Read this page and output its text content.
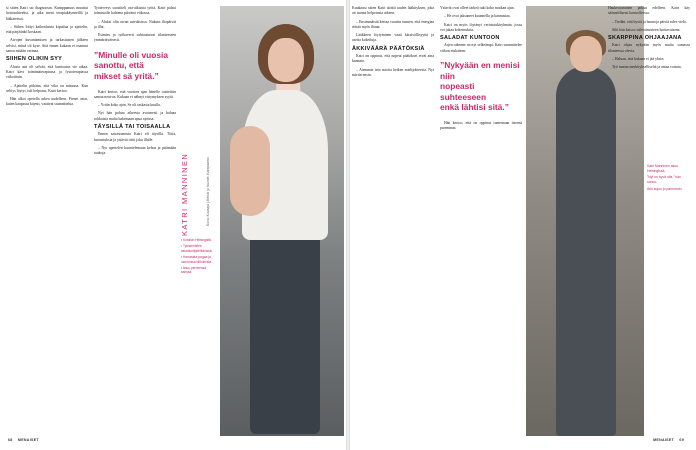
si sitten Katri sai diagnoosin. Kumppanuus muuttui hoitosuhteeksi, ja aika meni terapiakäynneillä ja lääkäreissä.

– Siihen liittyi kaikenlaista kipuilua ja ajattelin, että pärjäänkö koskaan.

Aivojen kuvantamisen ja tarkastusten jälkeen selvisi, mistä oli kyse. Sitä ennen kukaan ei osannut sanoa mitään varmaa.

SIIHEN OLIKIN SYY

Alusta asti oli selvää, että kuntoutus vie aikaa. Katri kävi toimintaterapiassa ja fysioterapiassa viikoittain.

– Ajattelin pitkään, että vika on minussa. Kun selitys löytyi, tuli helpotus, Katri kertoo.

Hän alkoi opetella arkea uudelleen. Pienet asiat, kuten kaupassa käynti, vaativat suunnittelua.

Työterveys suositteli osa-aikaista työtä. Katri palasi toimistolle kahtena päivänä viikossa.

– Aluksi olin aivan uuvuksissa. Nukuin iltapäivät ja illat.

Esimies ja työkaverit suhtautuivat tilanteeseen ymmärtäväisesti.

”Minulle oli vuosia
sanottu, että
mikset sä yritä.”

Katri kertoo, että vuosien ajan hänelle toistettiin samaa neuvoa. Kukaan ei nähnyt väsymyksen syytä.

– Yritin koko ajan. Se oli raskasta kuulla.

Nyt hän puhuu aiheesta avoimesti ja haluaa rohkaista muita hakemaan apua ajoissa.

TÄYSILLÄ TAI TOISAALLA

Ennen sairastumista Katri eli täysillä. Töitä, harrastuksia ja ystäviä riitti joka illalle.

– Nyt opettelen kuuntelemaan kehoa ja pitämään taukoja.

KATRI MANNINEN
• Kotoisin Helsingistä.
• Työskentelee asiantuntijatehtävissä.
• Harrastaa joogaa ja luonnossa liikkumista.
• Asuu perheensä kanssa.
Kuva: Kuvaaja | Meikki ja hiukset: Kampaamo

Kuukausi sitten Katri aloitti uuden lääkityksen, joka on tuonut helpotusta arkeen.

– Ensimmäistä kertaa vuosiin tunnen, että energiaa riittää myös iltaan.

Lääkkeen löytyminen vaati kärsivällisyyttä ja useita kokeiluja.

ÄKKIVÄÄRÄ PÄÄTÖKSIÄ

Katri on oppinut, että nopeat päätökset eivät aina kannata.

– Aiemmin tein asioita hetken mielijohteesta. Nyt mietin ensin.

Ystävät ovat olleet tärkeä tuki koko matkan ajan.

– He ovat jaksaneet kuunnella ja kannustaa.

Katri on myös löytänyt vertaistukiryhmän, jossa voi jakaa kokemuksia.

SALADAT KUNTOON

Arjen rakenne on nyt selkeämpi. Katri suunnittelee viikon etukäteen.

”Nykyään en menisi niin
nopeasti suhteeseen
enkä lähtisi sitä.”

Hän kertoo, että on oppinut tuntemaan itsensä paremmin.

Katri Manninen asuu Helsingissä.
”Nyt on hyvä olla,” hän sanoo.
Arki sujuu jo paremmin.

Haukeutuminen jatkuu edelleen. Katri käy säännöllisesti kontrolleissa.

– Tiedän, että hyviä ja huonoja päiviä tulee vielä.

Silti hän katsoo tulevaisuuteen luottavaisena.

SKARPPINA OHJAAJANA

Katri ohjaa nykyään myös muita samassa tilanteessa olevia.

– Haluan, että kukaan ei jää yksin.

Työ tuntuu merkitykselliseltä ja antaa voimia.

68 MENAISET	MENAISET 69
